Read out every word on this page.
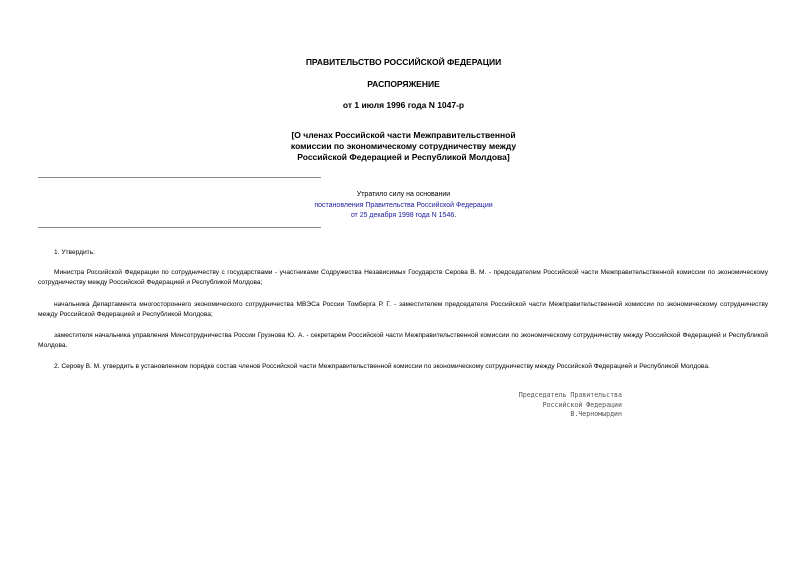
ПРАВИТЕЛЬСТВО РОССИЙСКОЙ ФЕДЕРАЦИИ

РАСПОРЯЖЕНИЕ

от 1 июля 1996 года N 1047-р

[О членах Российской части Межправительственной
комиссии по экономическому сотрудничеству между
Российской Федерацией и Республикой Молдова]
Утратило силу на основании
постановления Правительства Российской Федерации
от 25 декабря 1998 года N 1546.

1. Утвердить:

Министра Российской Федерации по сотрудничеству с государствами - участниками Содружества Независимых Государств Серова В. М. - председателем Российской части Межправительственной комиссии по экономическому сотрудничеству между Российской Федерацией и Республикой Молдова;

начальника Департамента многостороннего экономического сотрудничества МВЭСа России Томберга Р. Г. - заместителем председателя Российской части Межправительственной комиссии по экономическому сотрудничеству между Российской Федерацией и Республикой Молдова;

заместителя начальника управления Минсотрудничества России Грузнова Ю. А. - секретарем Российской части Межправительственной комиссии по экономическому сотрудничеству между Российской Федерацией и Республикой Молдова.

2. Серову В. М. утвердить в установленном порядке состав членов Российской части Межправительственной комиссии по экономическому сотрудничеству между Российской Федерацией и Республикой Молдова.

Председатель Правительства
Российской Федерации
В.Черномырдин
